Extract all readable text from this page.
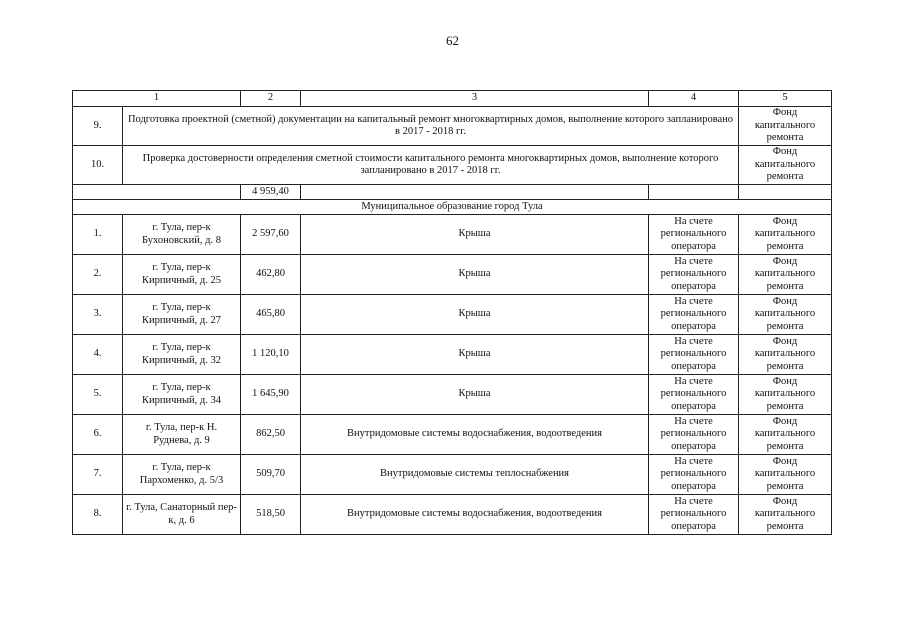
62
1		2	3	4	5
9.	Подготовка проектной (сметной) документации на капитальный ремонт многоквартирных домов, выполнение которого запланировано в 2017 - 2018 гг.				Фонд капитального ремонта
10.	Проверка достоверности определения сметной стоимости капитального ремонта многоквартирных домов, выполнение которого запланировано в 2017 - 2018 гг.				Фонд капитального ремонта
		4 959,40			
Муниципальное образование город Тула					
1.	г. Тула, пер-к Бухоновский, д. 8	2 597,60	Крыша	На счете регионального оператора	Фонд капитального ремонта
2.	г. Тула, пер-к Кирпичный, д. 25	462,80	Крыша	На счете регионального оператора	Фонд капитального ремонта
3.	г. Тула, пер-к Кирпичный, д. 27	465,80	Крыша	На счете регионального оператора	Фонд капитального ремонта
4.	г. Тула, пер-к Кирпичный, д. 32	1 120,10	Крыша	На счете регионального оператора	Фонд капитального ремонта
5.	г. Тула, пер-к Кирпичный, д. 34	1 645,90	Крыша	На счете регионального оператора	Фонд капитального ремонта
6.	г. Тула, пер-к Н. Руднева, д. 9	862,50	Внутридомовые системы водоснабжения, водоотведения	На счете регионального оператора	Фонд капитального ремонта
7.	г. Тула, пер-к Пархоменко, д. 5/3	509,70	Внутридомовые системы теплоснабжения	На счете регионального оператора	Фонд капитального ремонта
8.	г. Тула, Санаторный пер-к, д. 6	518,50	Внутридомовые системы водоснабжения, водоотведения	На счете регионального оператора	Фонд капитального ремонта
